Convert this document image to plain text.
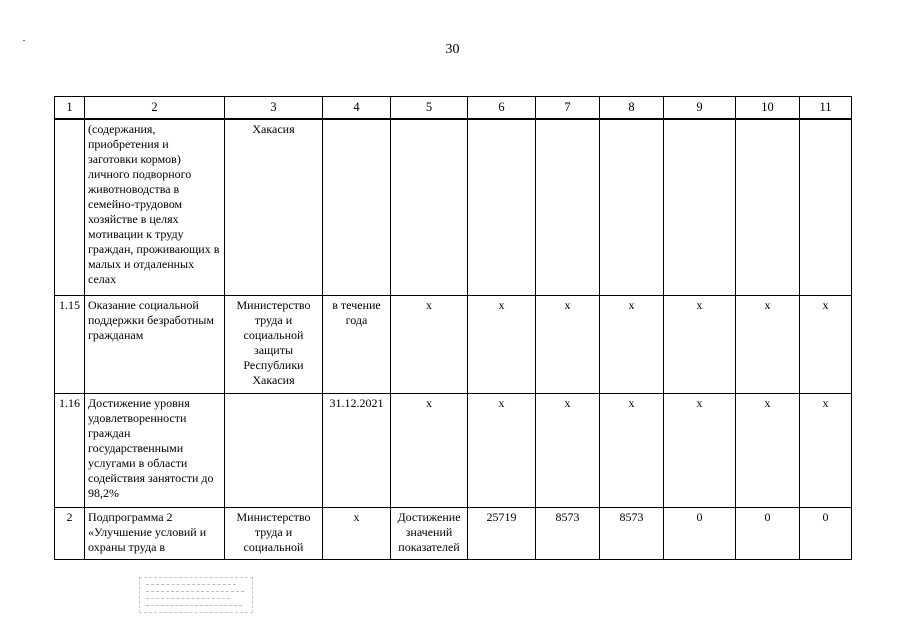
30
1	2	3	4	5	6	7	8	9	10	11
	(содержания, приобретения и заготовки кормов) личного подворного животноводства в семейно-трудовом хозяйстве в целях мотивации к труду граждан, проживающих в малых и отдаленных селах	Хакасия								
1.15	Оказание социальной поддержки безработным гражданам	Министерство труда и социальной защиты Республики Хакасия	в течение года	х	х	х	х	х	х	х
1.16	Достижение уровня удовлетворенности граждан государственными услугами в области содействия занятости до 98,2%		31.12.2021	х	х	х	х	х	х	х
2	Подпрограмма 2 «Улучшение условий и охраны труда в	Министерство труда и социальной	х	Достижение значений показателей	25719	8573	8573	0	0	0
